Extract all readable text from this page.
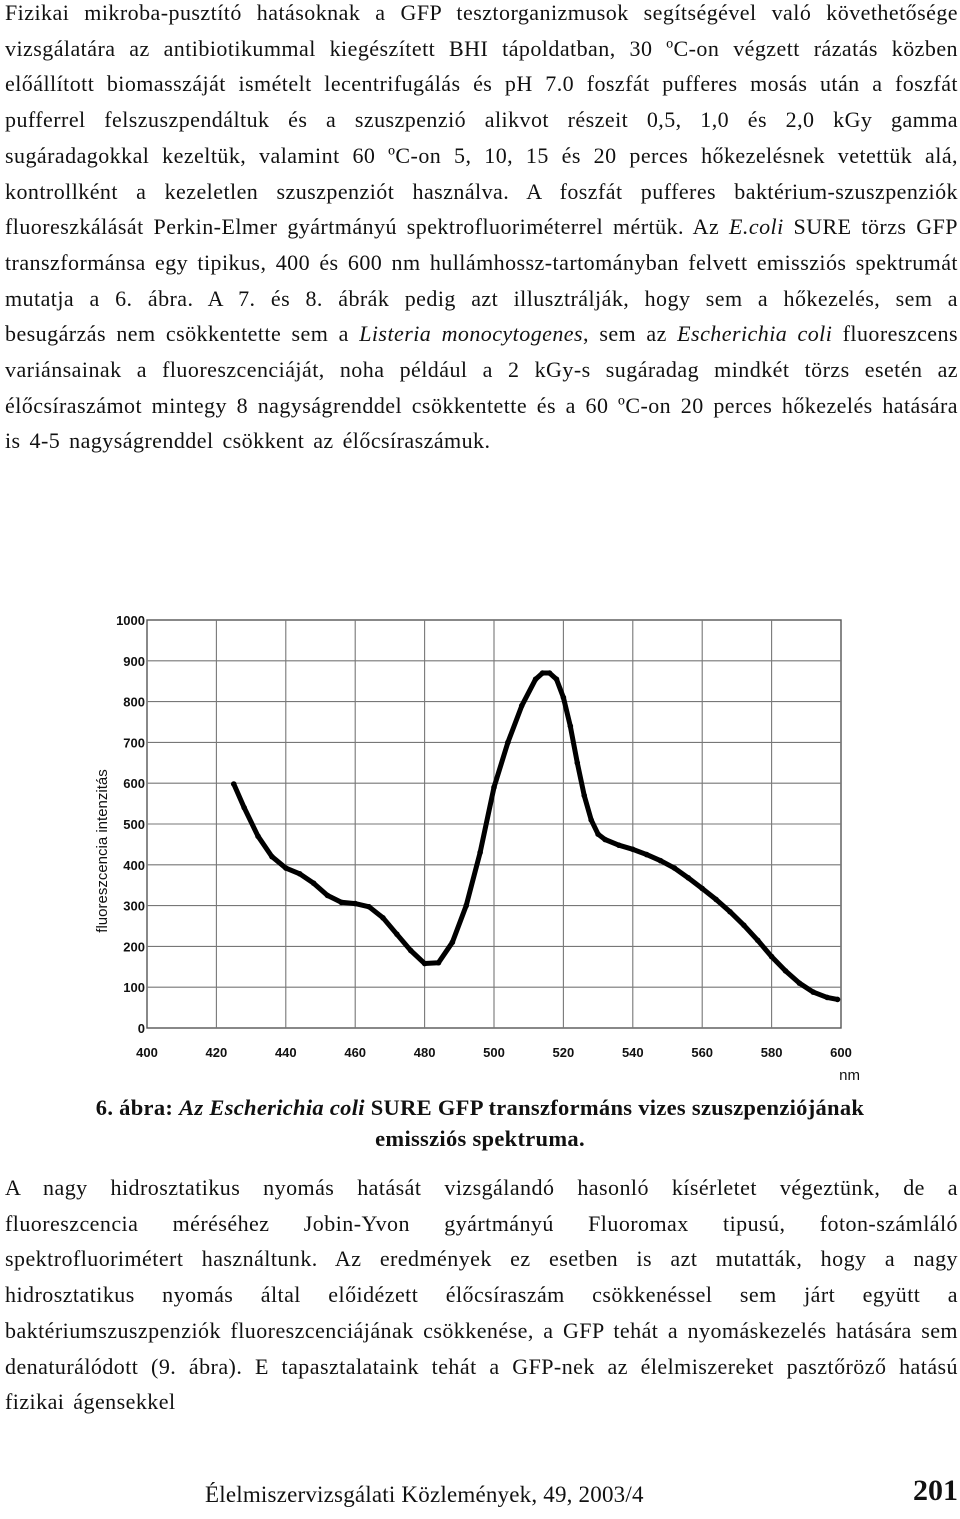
Fizikai mikroba-pusztító hatásoknak a GFP tesztorganizmusok segítségével való követhetősége vizsgálatára az antibiotikummal kiegészített BHI tápoldatban, 30 ºC-on végzett rázatás közben előállított biomasszáját ismételt lecentrifugálás és pH 7.0 foszfát pufferes mosás után a foszfát pufferrel felszuszpendáltuk és a szuszpenzió alikvot részeit 0,5, 1,0 és 2,0 kGy gamma sugáradagokkal kezeltük, valamint 60 ºC-on 5, 10, 15 és 20 perces hőkezelésnek vetettük alá, kontrollként a kezeletlen szuszpenziót használva. A foszfát pufferes baktérium-szuszpenziók fluoreszkálását Perkin-Elmer gyártmányú spektrofluoriméterrel mértük. Az E.coli SURE törzs GFP transzformánsa egy tipikus, 400 és 600 nm hullámhossz-tartományban felvett emissziós spektrumát mutatja a 6. ábra. A 7. és 8. ábrák pedig azt illusztrálják, hogy sem a hőkezelés, sem a besugárzás nem csökkentette sem a Listeria monocytogenes, sem az Escherichia coli fluoreszcens variánsainak a fluoreszcenciáját, noha például a 2 kGy-s sugáradag mindkét törzs esetén az élőcsíraszámot mintegy 8 nagyságrenddel csökkentette és a 60 ºC-on 20 perces hőkezelés hatására is 4-5 nagyságrenddel csökkent az élőcsíraszámuk.

0
100
200
300
400
500
600
700
800
900
1000
400	420	440	460	480	500	520	540	560	580	600
fluoreszcencia intenzitás
nm
6. ábra: Az Escherichia coli SURE GFP transzformáns vizes szuszpenziójának emissziós spektruma.

A nagy hidrosztatikus nyomás hatását vizsgálandó hasonló kísérletet végeztünk, de a fluoreszcencia méréséhez Jobin-Yvon gyártmányú Fluoromax tipusú, foton-számláló spektrofluorimétert használtunk. Az eredmények ez esetben is azt mutatták, hogy a nagy hidrosztatikus nyomás által előidézett élőcsíraszám csökkenéssel sem járt együtt a baktériumszuszpenziók fluoreszcenciájának csökkenése, a GFP tehát a nyomáskezelés hatására sem denaturálódott (9. ábra). E tapasztalataink tehát a GFP-nek az élelmiszereket pasztőröző hatású fizikai ágensekkel

Élelmiszervizsgálati Közlemények, 49, 2003/4	201
